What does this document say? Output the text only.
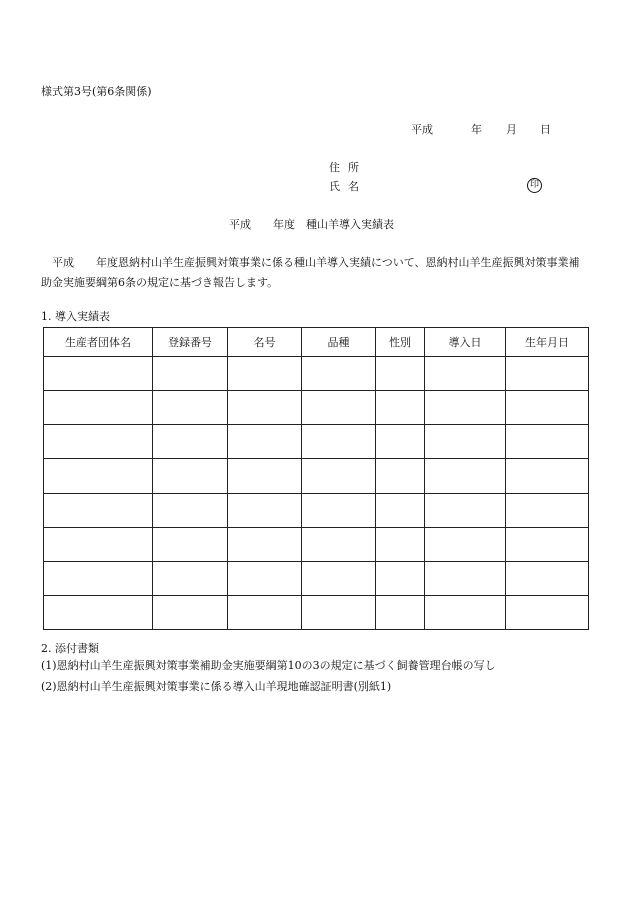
様式第3号(第6条関係)
平成	年 月 日
住所
氏名	印
平成　　年度　種山羊導入実績表
平成　　年度恩納村山羊生産振興対策事業に係る種山羊導入実績について、恩納村山羊生産振興対策事業補助金実施要綱第6条の規定に基づき報告します。
1. 導入実績表
生産者団体名	登録番号	名号	品種	性別	導入日	生年月日

2. 添付書類
(1)恩納村山羊生産振興対策事業補助金実施要綱第10の3の規定に基づく飼養管理台帳の写し
(2)恩納村山羊生産振興対策事業に係る導入山羊現地確認証明書(別紙1)
